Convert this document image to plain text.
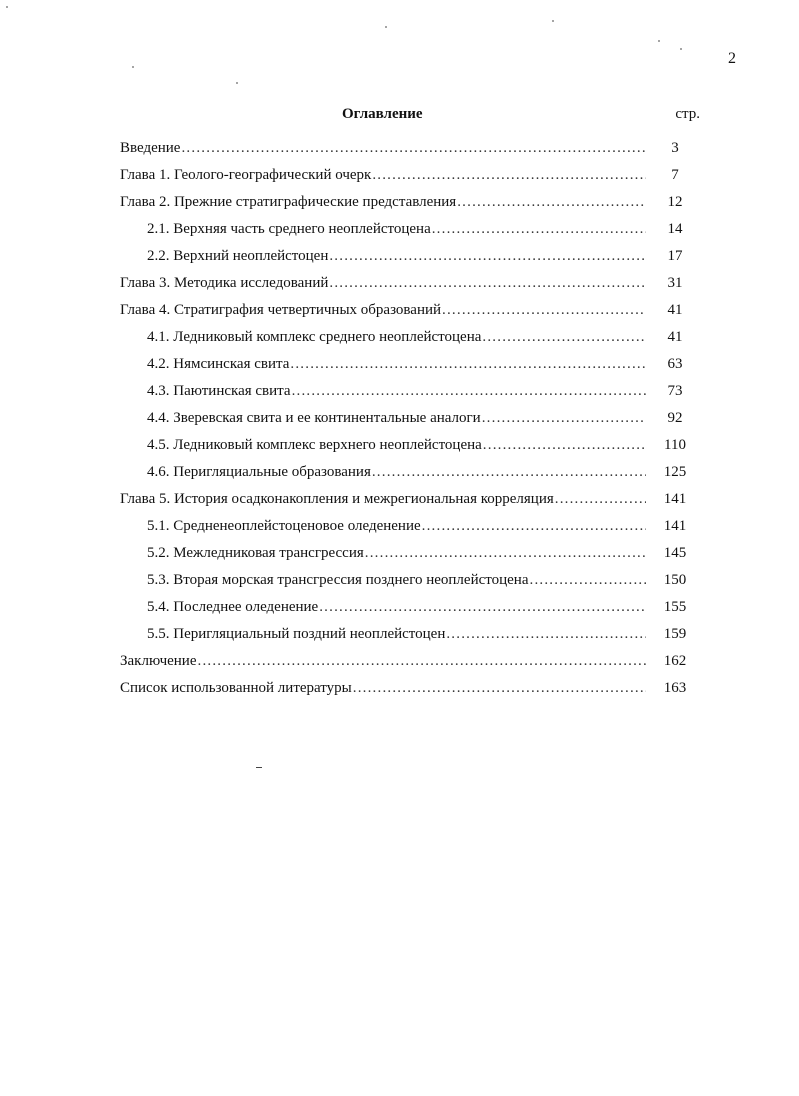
2
Оглавление	стр.
Введение .....	3
Глава 1. Геолого-географический очерк .....	7
Глава 2. Прежние стратиграфические представления .....	12
2.1. Верхняя часть среднего неоплейстоцена .....	14
2.2. Верхний неоплейстоцен .....	17
Глава 3. Методика исследований .....	31
Глава 4. Стратиграфия четвертичных образований .....	41
4.1. Ледниковый комплекс среднего неоплейстоцена .....	41
4.2. Нямсинская свита .....	63
4.3. Паютинская свита .....	73
4.4. Зверевская свита и ее континентальные аналоги .....	92
4.5. Ледниковый комплекс верхнего неоплейстоцена .....	110
4.6. Перигляциальные образования .....	125
Глава 5. История осадконакопления и межрегиональная корреляция .....	141
5.1. Средненеоплейстоценовое оледенение .....	141
5.2. Межледниковая трансгрессия .....	145
5.3. Вторая морская трансгрессия позднего неоплейстоцена .....	150
5.4. Последнее оледенение .....	155
5.5. Перигляциальный поздний неоплейстоцен .....	159
Заключение .....	162
Список использованной литературы .....	163
